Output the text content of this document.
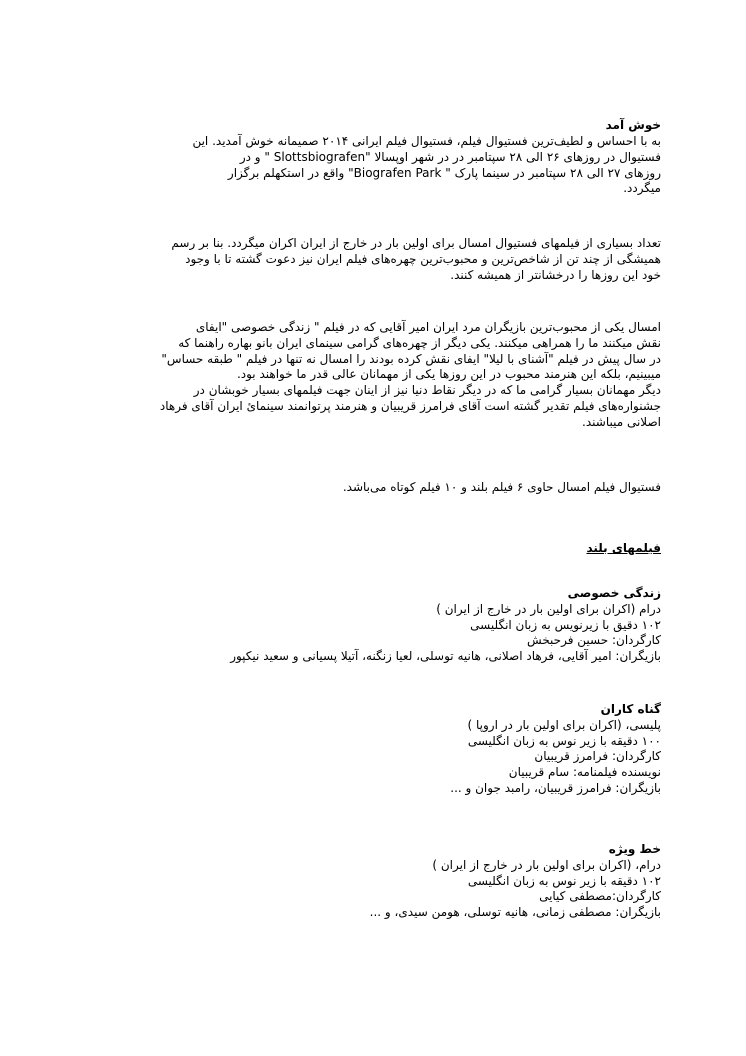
خوش آمد

به با احساس و لطیف‌ترین فستیوال فیلم، فستیوال فیلم ایرانی ۲۰۱۴ صمیمانه خوش آمدید. این

فستیوال در روزهای ۲۶ الی ۲۸ سپتامبر در در شهر اوپسالا "Slottsbiografen " و در

روزهای ۲۷ الی ۲۸ سپتامبر در سینما پارک " Biografen Park" واقع در استکهلم برگزار

میگردد.

تعداد بسیاری از فیلمهای فستیوال امسال برای اولین بار در خارج از ایران اکران میگردد. بنا بر رسم

همیشگی از چند تن از شاخص‌ترین و محبوب‌ترین چهره‌های فیلم ایران نیز دعوت گشته تا با وجود

خود این روزها را درخشانتر از همیشه کنند.

امسال یکی از محبوب‌ترین بازیگران مرد ایران امیر آقایی که در فیلم " زندگی خصوصی "ایفای

نقش میکنند ما را همراهی میکنند. یکی دیگر از چهره‌های گرامی سینمای ایران بانو بهاره راهنما که

در سال پیش در فیلم "آشنای با لیلا" ایفای نقش کرده بودند را امسال نه تنها در فیلم " طبقه حساس"

میبینیم، بلکه این هنرمند محبوب در این روزها یکی از مهمانان عالی قدر ما خواهند بود.

دیگر مهمانان بسیار گرامی ما که در دیگر نقاط دنیا نیز از اینان جهت فیلمهای بسیار خوبشان در

جشنواره‌های فیلم تقدیر گشته است آقای فرامرز قریبیان و هنرمند پرتوانمند سینمائ ایران آقای فرهاد

اصلانی میباشند.

فستیوال فیلم امسال حاوی ۶ فیلم بلند و ۱۰ فیلم کوتاه می‌باشد.

فیلمهای بلند

زندگی خصوصی

درام (اکران برای اولین بار در خارج از ایران )

۱۰۲ دقیق با زیرنویس به زبان انگلیسی

کارگردان: حسین فرحبخش

بازیگران: امیر آقایی، فرهاد اصلانی، هانیه توسلی، لعیا زنگنه، آتیلا پسیانی و سعید نیکپور

گناه کاران

پلیسی، (اکران برای اولین بار در اروپا )

۱۰۰ دقیقه با زیر نوس به زبان انگلیسی

کارگردان: فرامرز قریبیان

نویسنده فیلمنامه: سام قریبیان

بازیگران: فرامرز قریبیان، رامبد جوان و ...

خط ویژه

درام، (اکران برای اولین بار در خارج از ایران )

۱۰۲ دقیقه با زیر نوس به زبان انگلیسی

کارگردان:مصطفی کیایی

بازیگران: مصطفی زمانی، هانیه توسلی، هومن سیدی، و ...
